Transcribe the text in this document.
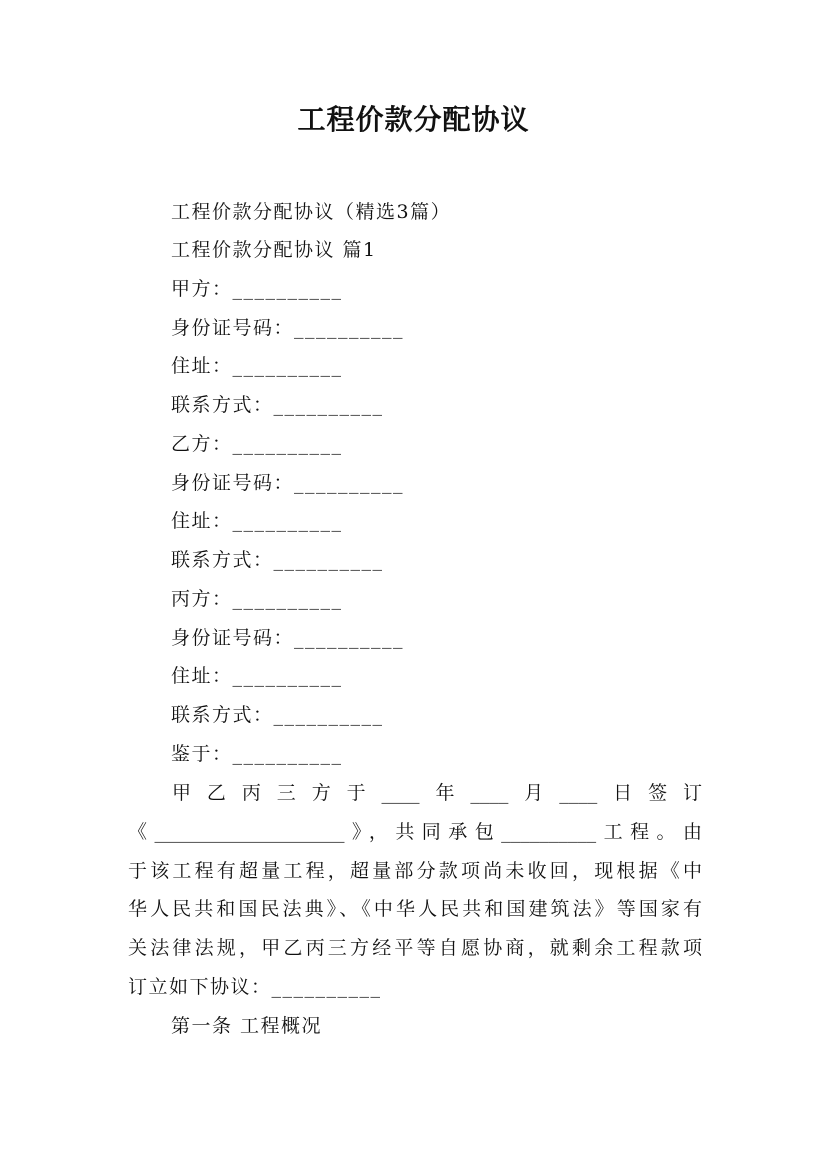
工程价款分配协议
工程价款分配协议（精选3篇）
工程价款分配协议 篇1
甲方：__________
身份证号码：__________
住址：__________
联系方式：__________
乙方：__________
身份证号码：__________
住址：__________
联系方式：__________
丙方：__________
身份证号码：__________
住址：__________
联系方式：__________
鉴于：__________
甲乙丙三方于____年____月____日签订
《____________________》，共同承包__________工程。由
于该工程有超量工程，超量部分款项尚未收回，现根据《中
华人民共和国民法典》、《中华人民共和国建筑法》等国家有
关法律法规，甲乙丙三方经平等自愿协商，就剩余工程款项
订立如下协议：__________
第一条 工程概况
